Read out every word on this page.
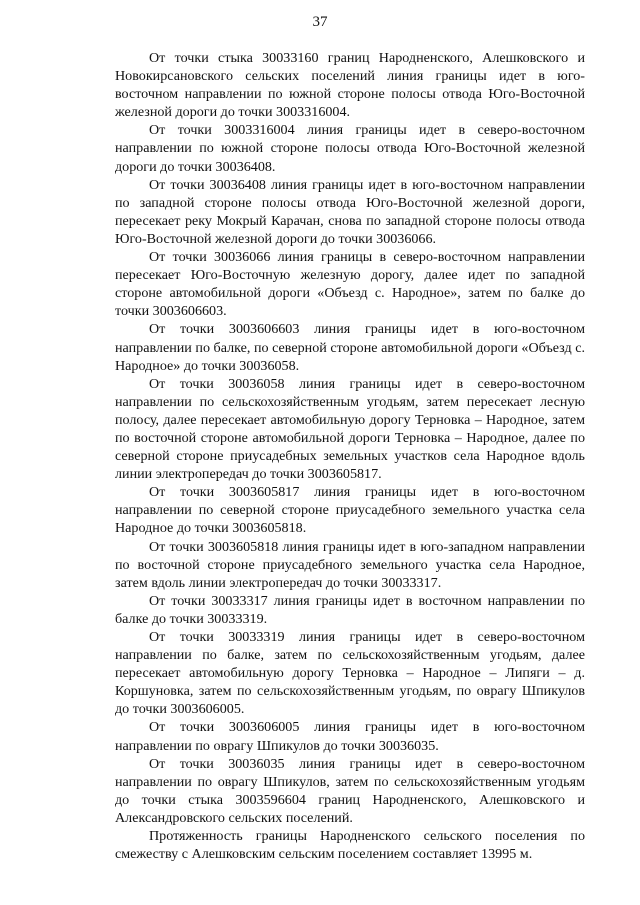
37

От точки стыка 30033160 границ Народненского, Алешковского и Новокирсановского сельских поселений линия границы идет в юго-восточном направлении по южной стороне полосы отвода Юго-Восточной железной дороги до точки 3003316004.

От точки 3003316004 линия границы идет в северо-восточном направлении по южной стороне полосы отвода Юго-Восточной железной дороги до точки 30036408.

От точки 30036408 линия границы идет в юго-восточном направлении по западной стороне полосы отвода Юго-Восточной железной дороги, пересекает реку Мокрый Карачан, снова по западной стороне полосы отвода Юго-Восточной железной дороги до точки 30036066.

От точки 30036066 линия границы в северо-восточном направлении пересекает Юго-Восточную железную дорогу, далее идет по западной стороне автомобильной дороги «Объезд с. Народное», затем по балке до точки 3003606603.

От точки 3003606603 линия границы идет в юго-восточном направлении по балке, по северной стороне автомобильной дороги «Объезд с. Народное» до точки 30036058.

От точки 30036058 линия границы идет в северо-восточном направлении по сельскохозяйственным угодьям, затем пересекает лесную полосу, далее пересекает автомобильную дорогу Терновка – Народное, затем по восточной стороне автомобильной дороги Терновка – Народное, далее по северной стороне приусадебных земельных участков села Народное вдоль линии электропередач до точки 3003605817.

От точки 3003605817 линия границы идет в юго-восточном направлении по северной стороне приусадебного земельного участка села Народное до точки 3003605818.

От точки 3003605818 линия границы идет в юго-западном направлении по восточной стороне приусадебного земельного участка села Народное, затем вдоль линии электропередач до точки 30033317.

От точки 30033317 линия границы идет в восточном направлении по балке до точки 30033319.

От точки 30033319 линия границы идет в северо-восточном направлении по балке, затем по сельскохозяйственным угодьям, далее пересекает автомобильную дорогу Терновка – Народное – Липяги – д. Коршуновка, затем по сельскохозяйственным угодьям, по оврагу Шпикулов до точки 3003606005.

От точки 3003606005 линия границы идет в юго-восточном направлении по оврагу Шпикулов до точки 30036035.

От точки 30036035 линия границы идет в северо-восточном направлении по оврагу Шпикулов, затем по сельскохозяйственным угодьям до точки стыка 3003596604 границ Народненского, Алешковского и Александровского сельских поселений.

Протяженность границы Народненского сельского поселения по смежеству с Алешковским сельским поселением составляет 13995 м.
